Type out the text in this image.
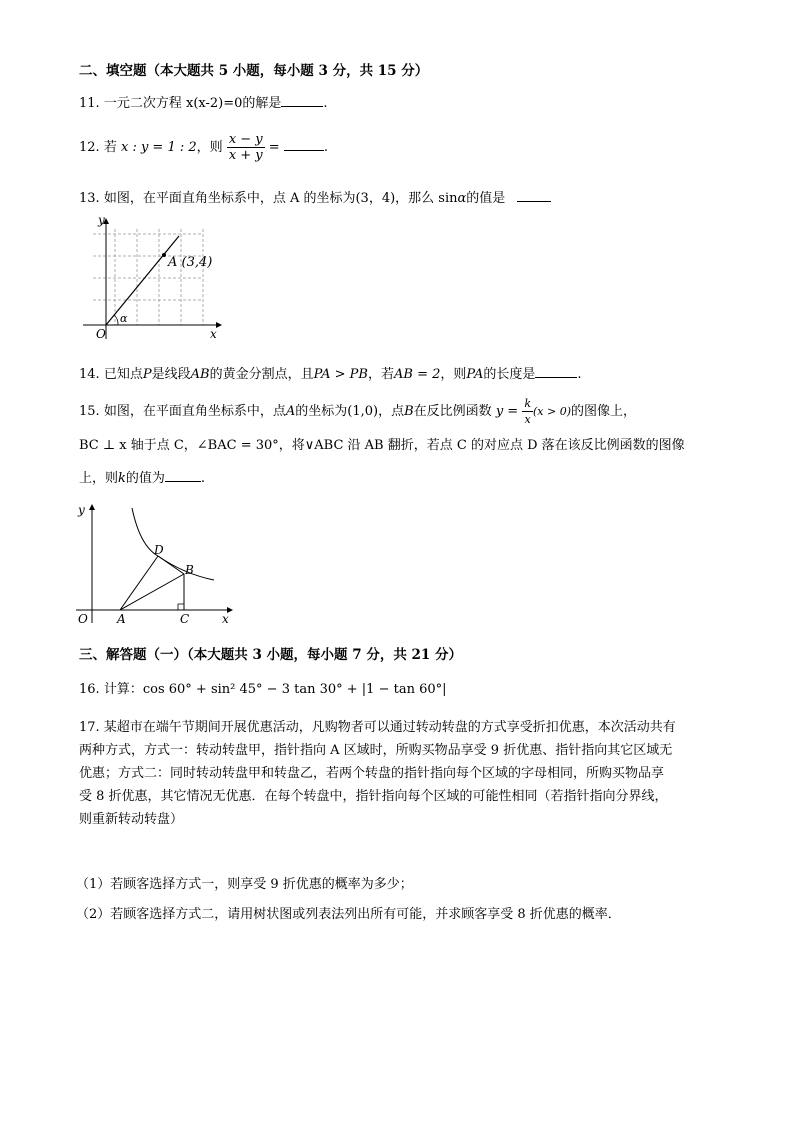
二、填空题（本大题共 5 小题，每小题 3 分，共 15 分）
11. 一元二次方程 x(x-2)=0的解是	.
12. 若 x : y = 1 : 2，则 $\frac{x - y}{x + y}$ =	.
13. 如图，在平面直角坐标系中，点 A 的坐标为(3，4)，那么 sinα的值是
y
x
O
α
A (3,4)
14. 已知点P是线段AB的黄金分割点，且PA > PB，若AB = 2，则PA的长度是	.
15. 如图，在平面直角坐标系中，点A的坐标为(1,0)，点B在反比例函数 $y = \frac{k}{x} (x > 0)$的图像上，
BC ⊥ x 轴于点 C，∠BAC = 30°，将∨ABC 沿 AB 翻折，若点 C 的对应点 D 落在该反比例函数的图像
上，则k的值为	.
y
x
O A	C
B
D
三、解答题（一）（本大题共 3 小题，每小题 7 分，共 21 分）
16. 计算：cos 60° + sin² 45° − 3 tan 30° + |1 − tan 60°|
17. 某超市在端午节期间开展优惠活动，凡购物者可以通过转动转盘的方式享受折扣优惠，本次活动共有
两种方式，方式一：转动转盘甲，指针指向 A 区域时，所购买物品享受 9 折优惠、指针指向其它区域无
优惠；方式二：同时转动转盘甲和转盘乙，若两个转盘的指针指向每个区域的字母相同，所购买物品享
受 8 折优惠，其它情况无优惠．在每个转盘中，指针指向每个区域的可能性相同（若指针指向分界线，
则重新转动转盘）
（1）若顾客选择方式一，则享受 9 折优惠的概率为多少；
（2）若顾客选择方式二，请用树状图或列表法列出所有可能，并求顾客享受 8 折优惠的概率．
